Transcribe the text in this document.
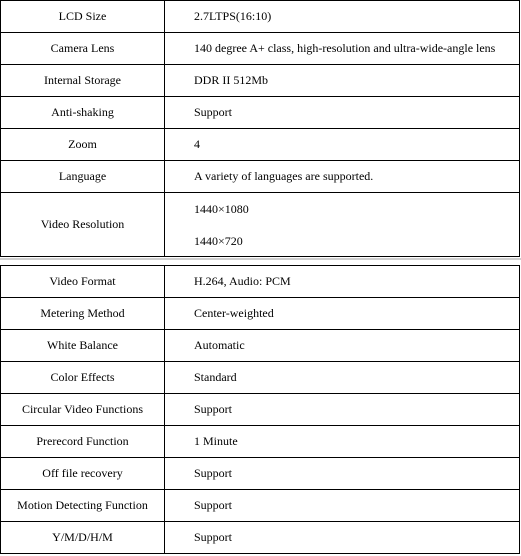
LCD Size	2.7LTPS(16:10)
Camera Lens	140 degree A+ class, high-resolution and ultra-wide-angle lens
Internal Storage	DDR II 512Mb
Anti-shaking	Support
Zoom	4
Language	A variety of languages are supported.
Video Resolution	1440×1080
1440×720
Video Format	H.264, Audio: PCM
Metering Method	Center-weighted
White Balance	Automatic
Color Effects	Standard
Circular Video Functions	Support
Prerecord Function	1 Minute
Off file recovery	Support
Motion Detecting Function	Support
Y/M/D/H/M	Support
